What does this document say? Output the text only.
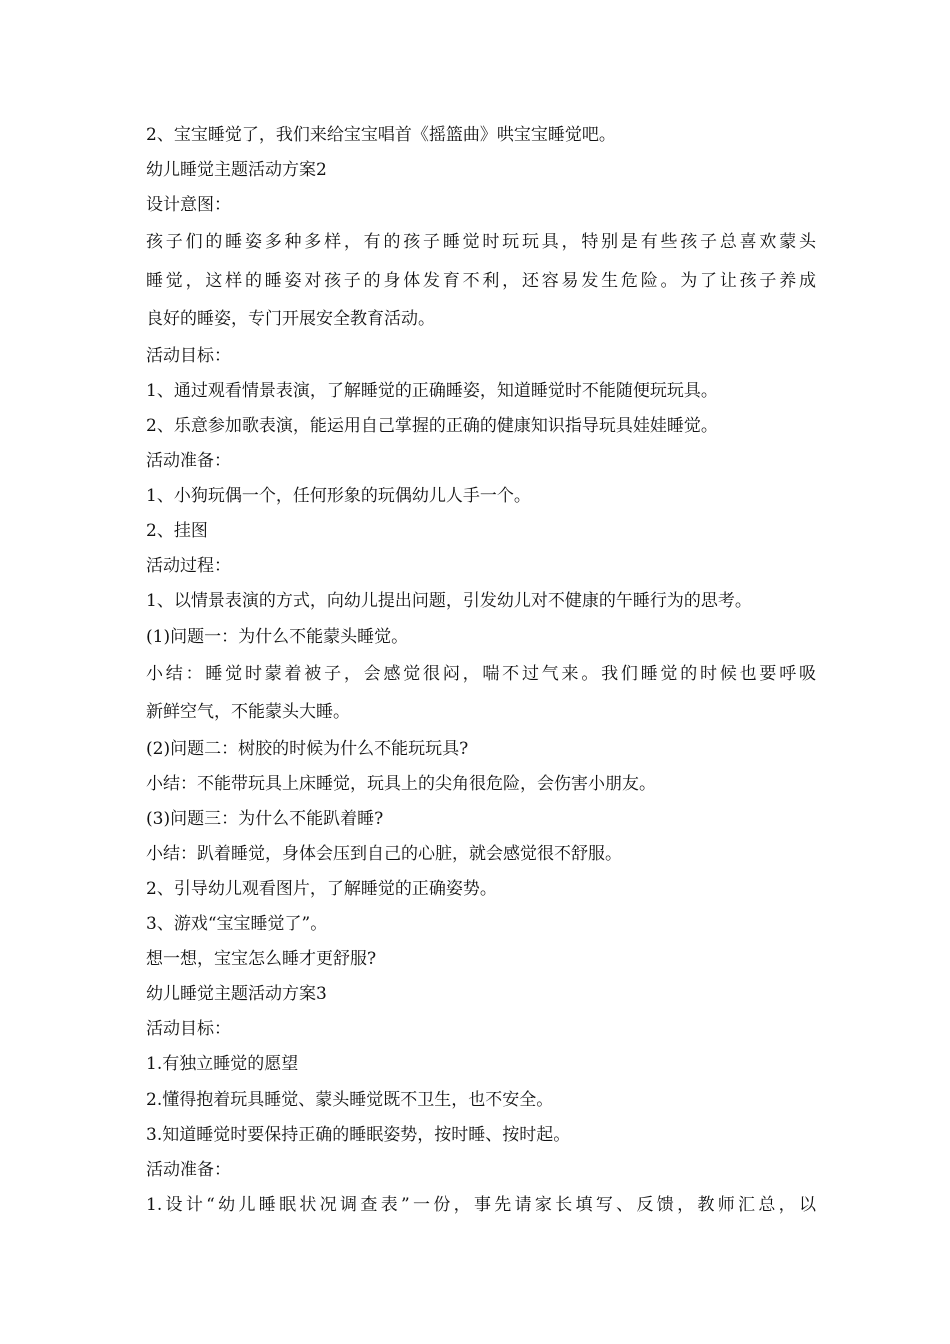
2、宝宝睡觉了，我们来给宝宝唱首《摇篮曲》哄宝宝睡觉吧。
幼儿睡觉主题活动方案2
设计意图：
孩子们的睡姿多种多样，有的孩子睡觉时玩玩具，特别是有些孩子总喜欢蒙头
睡觉，这样的睡姿对孩子的身体发育不利，还容易发生危险。为了让孩子养成
良好的睡姿，专门开展安全教育活动。
活动目标：
1、通过观看情景表演，了解睡觉的正确睡姿，知道睡觉时不能随便玩玩具。
2、乐意参加歌表演，能运用自己掌握的正确的健康知识指导玩具娃娃睡觉。
活动准备：
1、小狗玩偶一个，任何形象的玩偶幼儿人手一个。
2、挂图
活动过程：
1、以情景表演的方式，向幼儿提出问题，引发幼儿对不健康的午睡行为的思考。
(1)问题一：为什么不能蒙头睡觉。
小结：睡觉时蒙着被子，会感觉很闷，喘不过气来。我们睡觉的时候也要呼吸
新鲜空气，不能蒙头大睡。
(2)问题二：树胶的时候为什么不能玩玩具?
小结：不能带玩具上床睡觉，玩具上的尖角很危险，会伤害小朋友。
(3)问题三：为什么不能趴着睡?
小结：趴着睡觉，身体会压到自己的心脏，就会感觉很不舒服。
2、引导幼儿观看图片，了解睡觉的正确姿势。
3、游戏“宝宝睡觉了”。
想一想，宝宝怎么睡才更舒服?
幼儿睡觉主题活动方案3
活动目标：
1.有独立睡觉的愿望
2.懂得抱着玩具睡觉、蒙头睡觉既不卫生，也不安全。
3.知道睡觉时要保持正确的睡眠姿势，按时睡、按时起。
活动准备：
1.设计“幼儿睡眠状况调查表”一份，事先请家长填写、反馈，教师汇总，以
